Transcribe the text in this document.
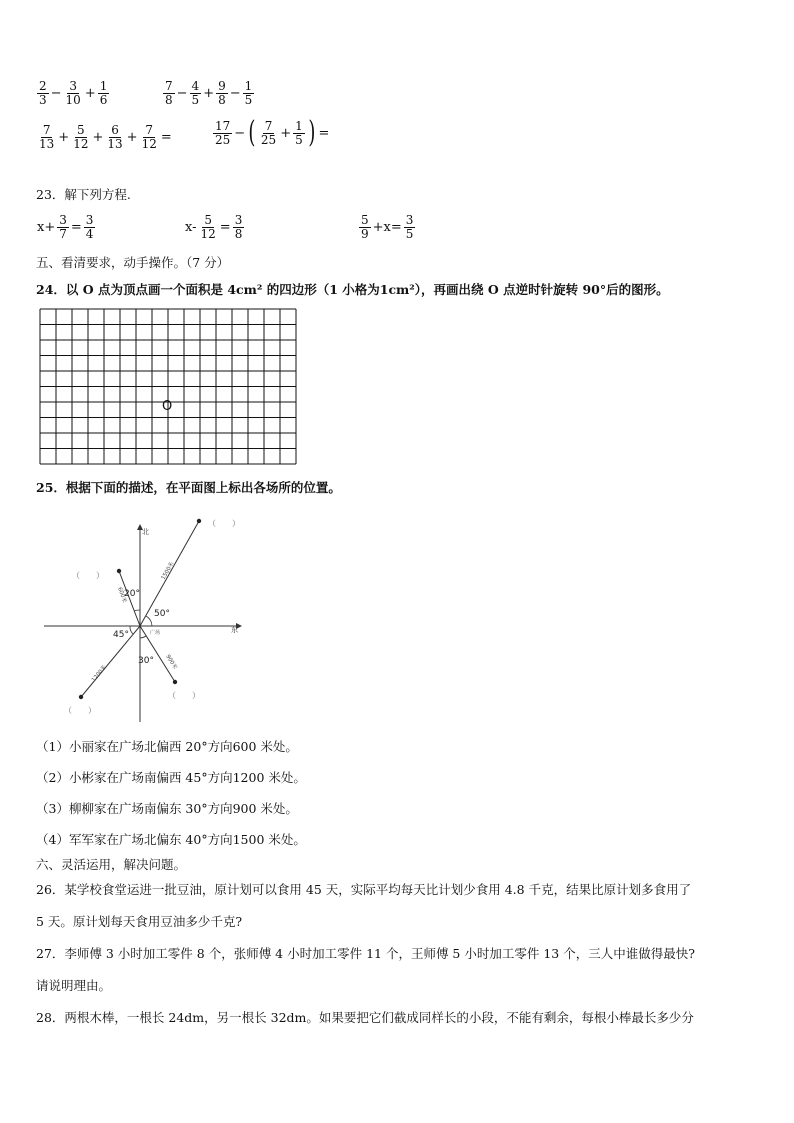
$\frac{2}{3} - \frac{3}{10} + \frac{1}{6}$	$\frac{7}{8} - \frac{4}{5} + \frac{9}{8} - \frac{1}{5}$
$\frac{7}{13} + \frac{5}{12} + \frac{6}{13} + \frac{7}{12}$ =	$\frac{17}{25}$ − ( $\frac{7}{25} + \frac{1}{5}$ ) =
23．解下列方程.
$x+ \frac{3}{7} = \frac{3}{4}$	$x- \frac{5}{12} = \frac{3}{8}$	$\frac{5}{9} +x= \frac{3}{5}$
五、看清要求，动手操作。（7 分）
24．以 O 点为顶点画一个面积是 4cm² 的四边形（1 小格为1cm²），再画出绕 O 点逆时针旋转 90°后的图形。
O
25．根据下面的描述，在平面图上标出各场所的位置。
北
东
广场
20°
50°
45°
30°
1500米
600米
1200米
900米
（　　）
（　　）
（　　）
（　　）
（1）小丽家在广场北偏西 20°方向600 米处。
（2）小彬家在广场南偏西 45°方向1200 米处。
（3）柳柳家在广场南偏东 30°方向900 米处。
（4）军军家在广场北偏东 40°方向1500 米处。
六、灵活运用，解决问题。
26．某学校食堂运进一批豆油，原计划可以食用 45 天，实际平均每天比计划少食用 4.8 千克，结果比原计划多食用了
5 天。原计划每天食用豆油多少千克?
27．李师傅 3 小时加工零件 8 个，张师傅 4 小时加工零件 11 个，王师傅 5 小时加工零件 13 个，三人中谁做得最快?
请说明理由。
28．两根木棒，一根长 24dm，另一根长 32dm。如果要把它们截成同样长的小段，不能有剩余，每根小棒最长多少分
